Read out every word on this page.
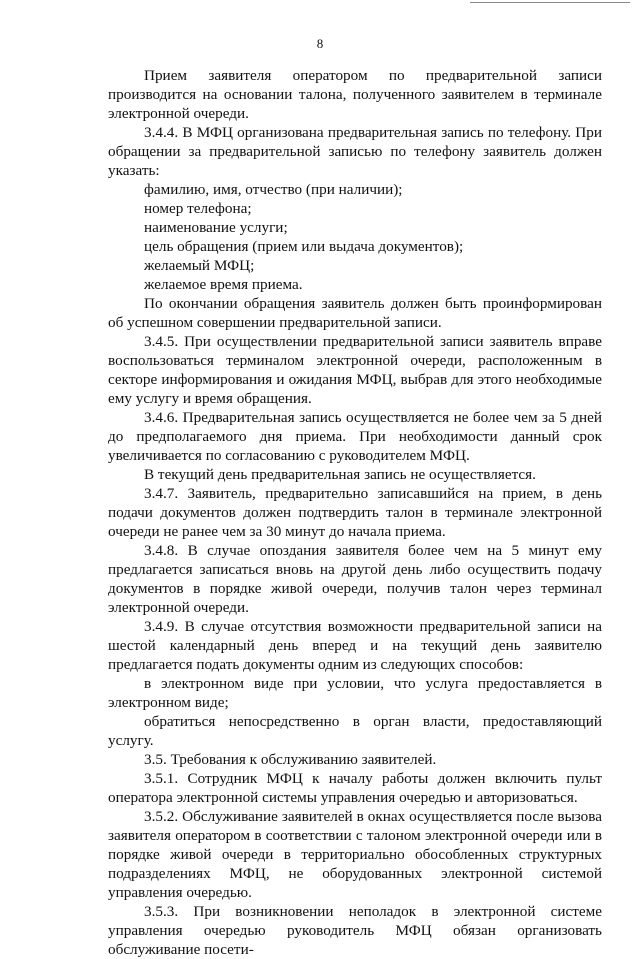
8

Прием заявителя оператором по предварительной записи производится на основании талона, полученного заявителем в терминале электронной очереди.

3.4.4. В МФЦ организована предварительная запись по телефону. При обращении за предварительной записью по телефону заявитель должен указать:

фамилию, имя, отчество (при наличии);

номер телефона;

наименование услуги;

цель обращения (прием или выдача документов);

желаемый МФЦ;

желаемое время приема.

По окончании обращения заявитель должен быть проинформирован об успешном совершении предварительной записи.

3.4.5. При осуществлении предварительной записи заявитель вправе воспользоваться терминалом электронной очереди, расположенным в секторе информирования и ожидания МФЦ, выбрав для этого необходимые ему услугу и время обращения.

3.4.6. Предварительная запись осуществляется не более чем за 5 дней до предполагаемого дня приема. При необходимости данный срок увеличивается по согласованию с руководителем МФЦ.

В текущий день предварительная запись не осуществляется.

3.4.7. Заявитель, предварительно записавшийся на прием, в день подачи документов должен подтвердить талон в терминале электронной очереди не ранее чем за 30 минут до начала приема.

3.4.8. В случае опоздания заявителя более чем на 5 минут ему предлагается записаться вновь на другой день либо осуществить подачу документов в порядке живой очереди, получив талон через терминал электронной очереди.

3.4.9. В случае отсутствия возможности предварительной записи на шестой календарный день вперед и на текущий день заявителю предлагается подать документы одним из следующих способов:

в электронном виде при условии, что услуга предоставляется в электронном виде;

обратиться непосредственно в орган власти, предоставляющий услугу.

3.5. Требования к обслуживанию заявителей.

3.5.1. Сотрудник МФЦ к началу работы должен включить пульт оператора электронной системы управления очередью и авторизоваться.

3.5.2. Обслуживание заявителей в окнах осуществляется после вызова заявителя оператором в соответствии с талоном электронной очереди или в порядке живой очереди в территориально обособленных структурных подразделениях МФЦ, не оборудованных электронной системой управления очередью.

3.5.3. При возникновении неполадок в электронной системе управления очередью руководитель МФЦ обязан организовать обслуживание посети-
